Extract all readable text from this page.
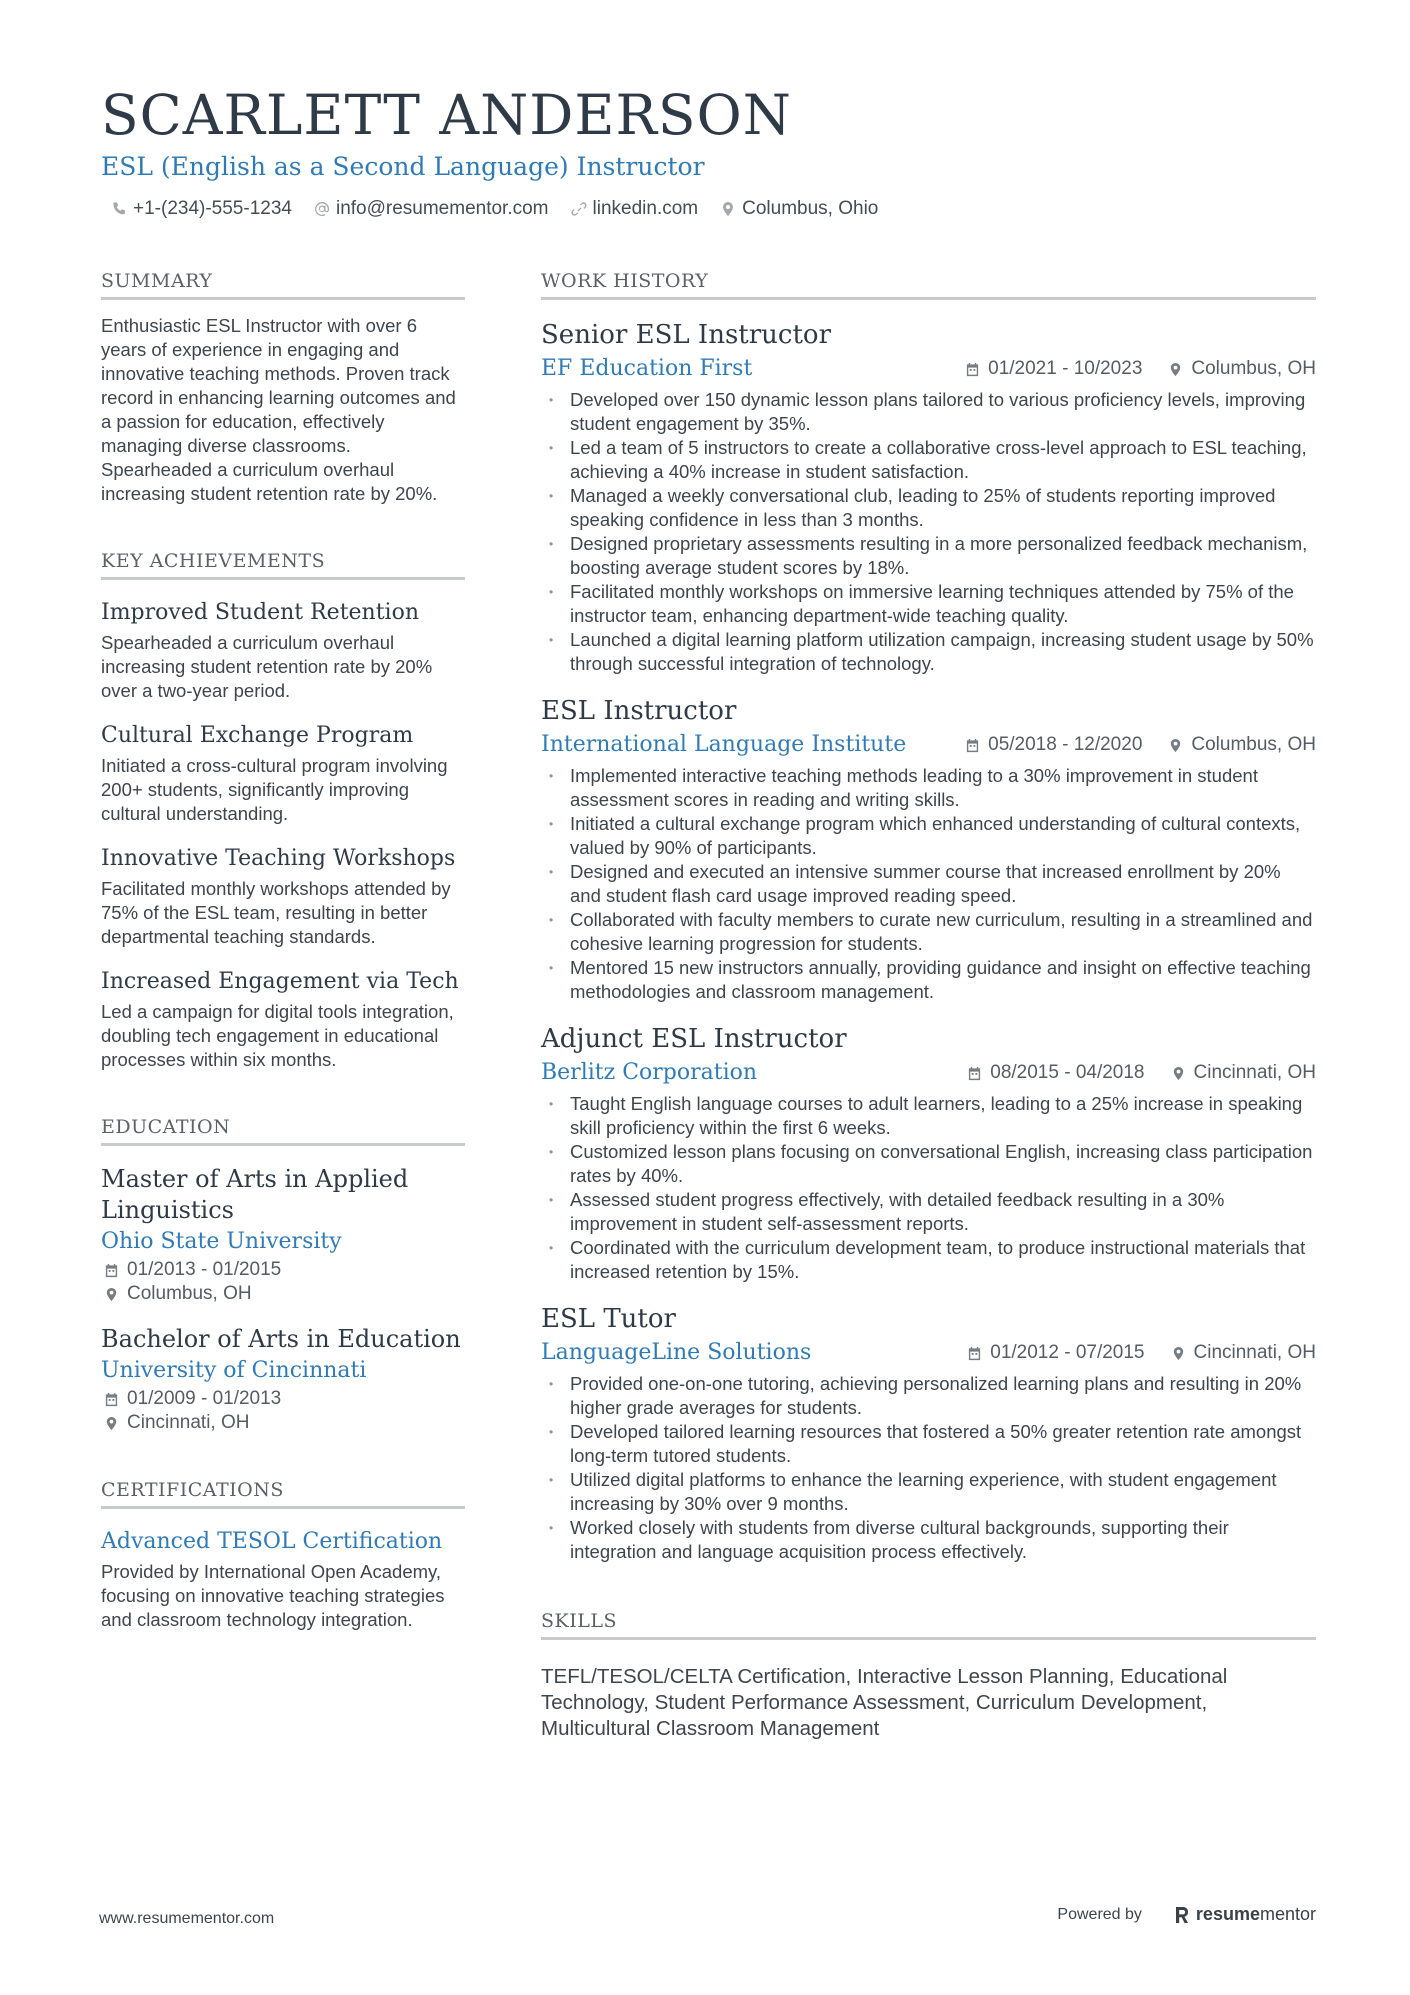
SCARLETT ANDERSON
ESL (English as a Second Language) Instructor
+1-(234)-555-1234 info@resumementor.com linkedin.com Columbus, Ohio
SUMMARY
Enthusiastic ESL Instructor with over 6 years of experience in engaging and innovative teaching methods. Proven track record in enhancing learning outcomes and a passion for education, effectively managing diverse classrooms. Spearheaded a curriculum overhaul increasing student retention rate by 20%.
KEY ACHIEVEMENTS
Improved Student Retention
Spearheaded a curriculum overhaul increasing student retention rate by 20% over a two-year period.
Cultural Exchange Program
Initiated a cross-cultural program involving 200+ students, significantly improving cultural understanding.
Innovative Teaching Workshops
Facilitated monthly workshops attended by 75% of the ESL team, resulting in better departmental teaching standards.
Increased Engagement via Tech
Led a campaign for digital tools integration, doubling tech engagement in educational processes within six months.
EDUCATION
Master of Arts in Applied Linguistics
Ohio State University
01/2013 - 01/2015
Columbus, OH
Bachelor of Arts in Education
University of Cincinnati
01/2009 - 01/2013
Cincinnati, OH
CERTIFICATIONS
Advanced TESOL Certification
Provided by International Open Academy, focusing on innovative teaching strategies and classroom technology integration.
WORK HISTORY
Senior ESL Instructor
EF Education First	01/2021 - 10/2023	Columbus, OH
• Developed over 150 dynamic lesson plans tailored to various proficiency levels, improving student engagement by 35%.
• Led a team of 5 instructors to create a collaborative cross-level approach to ESL teaching, achieving a 40% increase in student satisfaction.
• Managed a weekly conversational club, leading to 25% of students reporting improved speaking confidence in less than 3 months.
• Designed proprietary assessments resulting in a more personalized feedback mechanism, boosting average student scores by 18%.
• Facilitated monthly workshops on immersive learning techniques attended by 75% of the instructor team, enhancing department-wide teaching quality.
• Launched a digital learning platform utilization campaign, increasing student usage by 50% through successful integration of technology.
ESL Instructor
International Language Institute	05/2018 - 12/2020	Columbus, OH
• Implemented interactive teaching methods leading to a 30% improvement in student assessment scores in reading and writing skills.
• Initiated a cultural exchange program which enhanced understanding of cultural contexts, valued by 90% of participants.
• Designed and executed an intensive summer course that increased enrollment by 20% and student flash card usage improved reading speed.
• Collaborated with faculty members to curate new curriculum, resulting in a streamlined and cohesive learning progression for students.
• Mentored 15 new instructors annually, providing guidance and insight on effective teaching methodologies and classroom management.
Adjunct ESL Instructor
Berlitz Corporation	08/2015 - 04/2018	Cincinnati, OH
• Taught English language courses to adult learners, leading to a 25% increase in speaking skill proficiency within the first 6 weeks.
• Customized lesson plans focusing on conversational English, increasing class participation rates by 40%.
• Assessed student progress effectively, with detailed feedback resulting in a 30% improvement in student self-assessment reports.
• Coordinated with the curriculum development team, to produce instructional materials that increased retention by 15%.
ESL Tutor
LanguageLine Solutions	01/2012 - 07/2015	Cincinnati, OH
• Provided one-on-one tutoring, achieving personalized learning plans and resulting in 20% higher grade averages for students.
• Developed tailored learning resources that fostered a 50% greater retention rate amongst long-term tutored students.
• Utilized digital platforms to enhance the learning experience, with student engagement increasing by 30% over 9 months.
• Worked closely with students from diverse cultural backgrounds, supporting their integration and language acquisition process effectively.
SKILLS
TEFL/TESOL/CELTA Certification, Interactive Lesson Planning, Educational Technology, Student Performance Assessment, Curriculum Development, Multicultural Classroom Management
www.resumementor.com	Powered by	resumementor
